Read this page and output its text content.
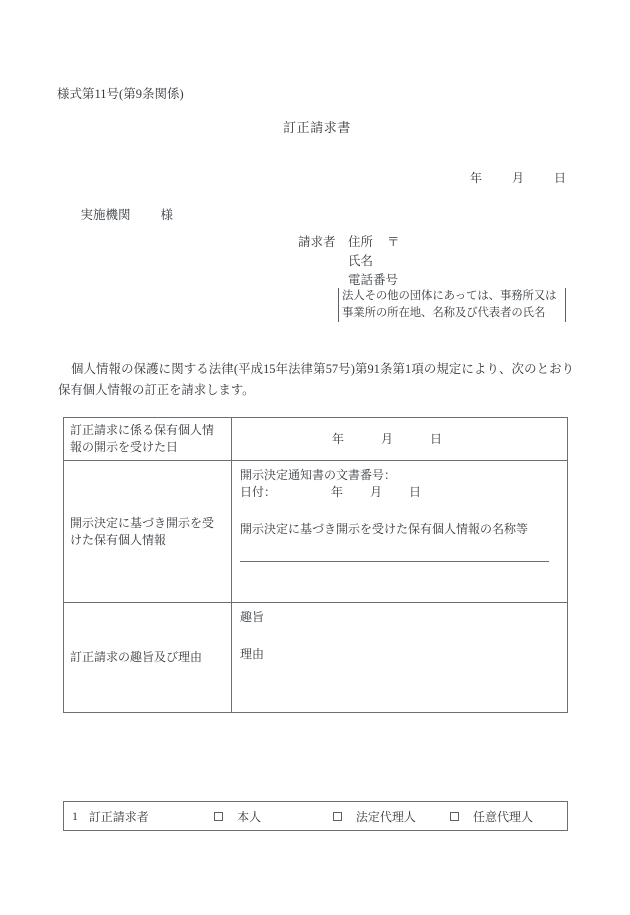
様式第11号(第9条関係)
訂正請求書

年	月	日

実施機関 様

請求者 住所 〒
氏名
電話番号
法人その他の団体にあっては、事務所又は
事業所の所在地、名称及び代表者の氏名
個人情報の保護に関する法律(平成15年法律第57号)第91条第1項の規定により、次のとおり保有個人情報の訂正を請求します。
訂正請求に係る保有個人情報の開示を受けた日	年 月 日

開示決定に基づき開示を受けた保有個人情報	開示決定通知書の文書番号：
日付： 年 月 日
開示決定に基づき開示を受けた保有個人情報の名称等

訂正請求の趣旨及び理由	趣旨
理由
1 訂正請求者	本人	法定代理人	任意代理人
